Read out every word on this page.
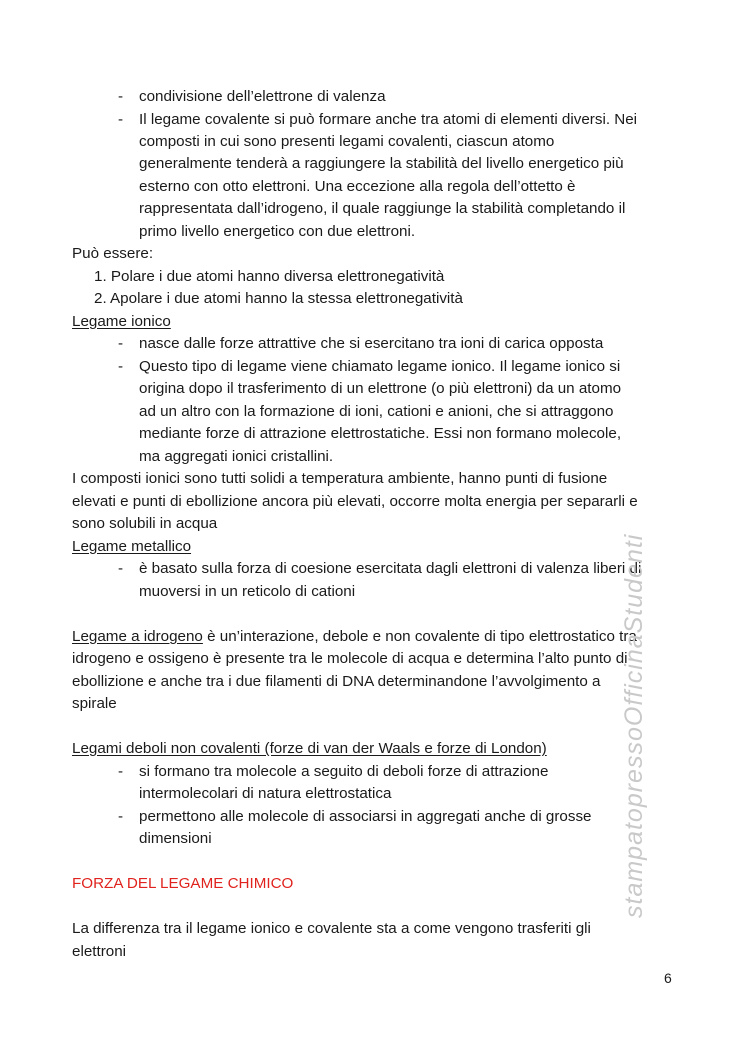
- condivisione dell’elettrone di valenza
- Il legame covalente si può formare anche tra atomi di elementi diversi. Nei
composti in cui sono presenti legami covalenti, ciascun atomo
generalmente tenderà a raggiungere la stabilità del livello energetico più
esterno con otto elettroni. Una eccezione alla regola dell’ottetto è
rappresentata dall’idrogeno, il quale raggiunge la stabilità completando il
primo livello energetico con due elettroni.
Può essere:
1. Polare i due atomi hanno diversa elettronegatività
2. Apolare i due atomi hanno la stessa elettronegatività
Legame ionico
- nasce dalle forze attrattive che si esercitano tra ioni di carica opposta
- Questo tipo di legame viene chiamato legame ionico. Il legame ionico si
origina dopo il trasferimento di un elettrone (o più elettroni) da un atomo
ad un altro con la formazione di ioni, cationi e anioni, che si attraggono
mediante forze di attrazione elettrostatiche. Essi non formano molecole,
ma aggregati ionici cristallini.
I composti ionici sono tutti solidi a temperatura ambiente, hanno punti di fusione
elevati e punti di ebollizione ancora più elevati, occorre molta energia per separarli e
sono solubili in acqua
Legame metallico
- è basato sulla forza di coesione esercitata dagli elettroni di valenza liberi di
muoversi in un reticolo di cationi
Legame a idrogeno è un’interazione, debole e non covalente di tipo elettrostatico tra
idrogeno e ossigeno è presente tra le molecole di acqua e determina l’alto punto di
ebollizione e anche tra i due filamenti di DNA determinandone l’avvolgimento a
spirale
Legami deboli non covalenti (forze di van der Waals e forze di London)
- si formano tra molecole a seguito di deboli forze di attrazione
intermolecolari di natura elettrostatica
- permettono alle molecole di associarsi in aggregati anche di grosse
dimensioni
FORZA DEL LEGAME CHIMICO
La differenza tra il legame ionico e covalente sta a come vengono trasferiti gli
elettroni
stampatopressoOfficinaStudenti
6
